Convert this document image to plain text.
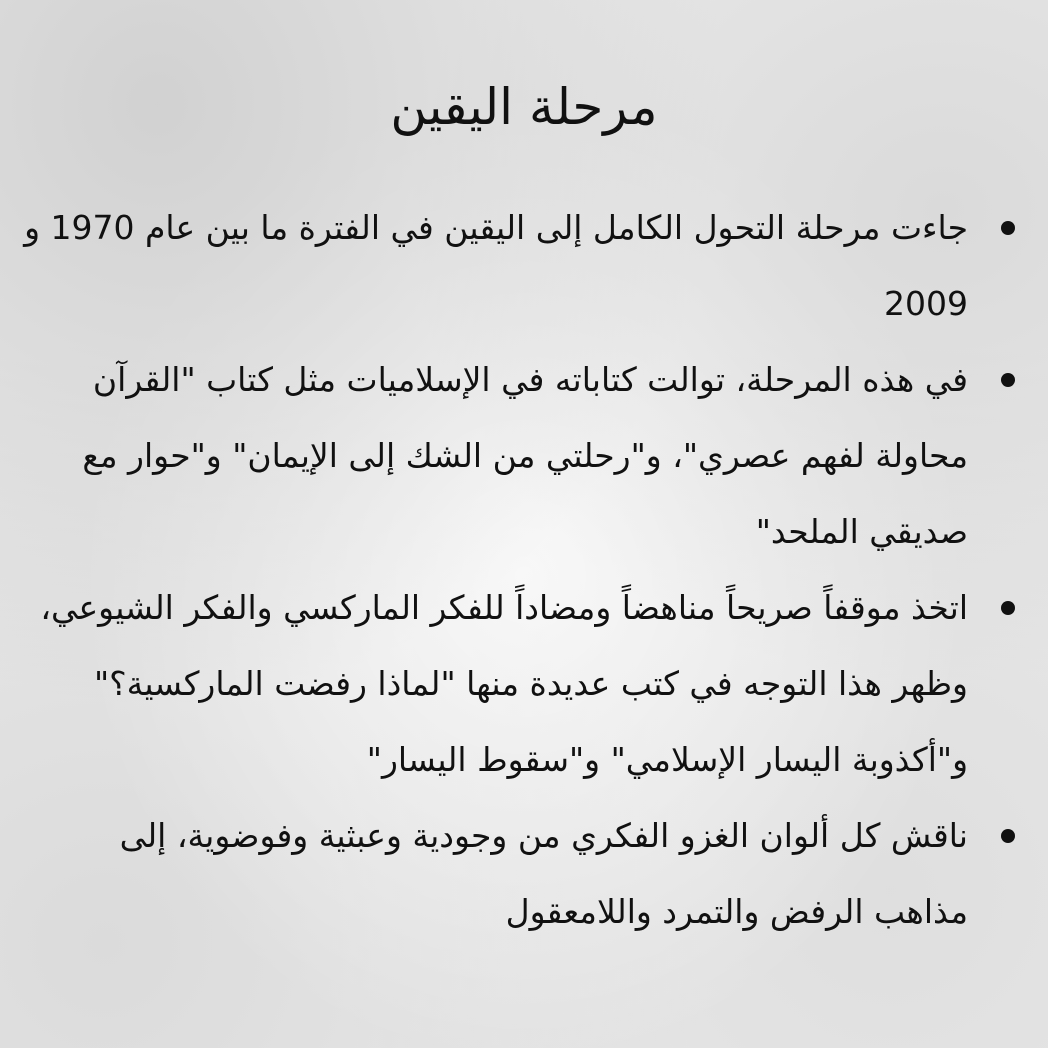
مرحلة اليقين
جاءت مرحلة التحول الكامل إلى اليقين في الفترة ما بين عام 1970 و 2009
في هذه المرحلة، توالت كتاباته في الإسلاميات مثل كتاب "القرآن محاولة لفهم عصري"، و"رحلتي من الشك إلى الإيمان" و"حوار مع صديقي الملحد"
اتخذ موقفاً صريحاً مناهضاً ومضاداً للفكر الماركسي والفكر الشيوعي، وظهر هذا التوجه في كتب عديدة منها "لماذا رفضت الماركسية؟" و"أكذوبة اليسار الإسلامي" و"سقوط اليسار"
ناقش كل ألوان الغزو الفكري من وجودية وعبثية وفوضوية، إلى مذاهب الرفض والتمرد واللامعقول
